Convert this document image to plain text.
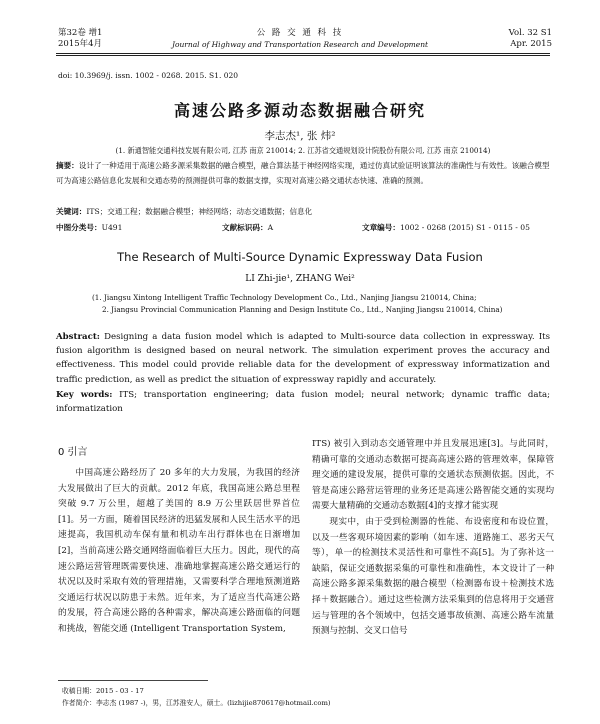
第32卷 增1
2015年4月
公 路 交 通 科 技
Journal of Highway and Transportation Research and Development
Vol. 32 S1
Apr. 2015
doi: 10.3969/j. issn. 1002 - 0268. 2015. S1. 020
高速公路多源动态数据融合研究
李志杰¹, 张 炜²
(1. 新通智能交通科技发展有限公司, 江苏 南京 210014; 2. 江苏省交通规划设计院股份有限公司, 江苏 南京 210014)
摘要：设计了一种适用于高速公路多源采集数据的融合模型，融合算法基于神经网络实现，通过仿真试验证明该算法的准确性与有效性。该融合模型可为高速公路信息化发展和交通态势的预测提供可靠的数据支撑，实现对高速公路交通状态快速、准确的预测。
关键词：ITS；交通工程；数据融合模型；神经网络；动态交通数据；信息化
中图分类号：U491	文献标识码：A	文章编号：1002 - 0268 (2015) S1 - 0115 - 05
The Research of Multi-Source Dynamic Expressway Data Fusion
LI Zhi-jie¹, ZHANG Wei²
(1. Jiangsu Xintong Intelligent Traffic Technology Development Co., Ltd., Nanjing Jiangsu 210014, China;
2. Jiangsu Provincial Communication Planning and Design Institute Co., Ltd., Nanjing Jiangsu 210014, China)
Abstract: Designing a data fusion model which is adapted to Multi-source data collection in expressway. Its fusion algorithm is designed based on neural network. The simulation experiment proves the accuracy and effectiveness. This model could provide reliable data for the development of expressway informatization and traffic prediction, as well as predict the situation of expressway rapidly and accurately.
Key words: ITS; transportation engineering; data fusion model; neural network; dynamic traffic data; informatization
0 引言
中国高速公路经历了 20 多年的大力发展，为我国的经济大发展做出了巨大的贡献。2012 年底，我国高速公路总里程突破 9.7 万公里，超越了美国的 8.9 万公里跃居世界首位[1]。另一方面，随着国民经济的迅猛发展和人民生活水平的迅速提高，我国机动车保有量和机动车出行群体也在日渐增加[2]，当前高速公路交通网络面临着巨大压力。因此，现代的高速公路运营管理既需要快速、准确地掌握高速公路交通运行的状况以及时采取有效的管理措施，又需要科学合理地预测道路交通运行状况以防患于未然。近年来，为了适应当代高速公路的发展，符合高速公路的各种需求，解决高速公路面临的问题和挑战，智能交通 (Intelligent Transportation System,
ITS) 被引入到动态交通管理中并且发展迅速[3]。与此同时，精确可靠的交通动态数据可提高高速公路的管理效率，保障管理交通的建设发展，提供可靠的交通状态预测依据。因此，不管是高速公路营运管理的业务还是高速公路智能交通的实现均需要大量精确的交通动态数据[4]的支撑才能实现
现实中，由于受到检测器的性能、布设密度和布设位置，以及一些客观环境因素的影响（如车速、道路施工、恶劣天气等），单一的检测技术灵活性和可靠性不高[5]。为了弥补这一缺陷，保证交通数据采集的可靠性和准确性，本文设计了一种高速公路多源采集数据的融合模型（检测器布设＋检测技术选择＋数据融合）。通过这些检测方法采集到的信息将用于交通营运与管理的各个领域中，包括交通事故侦测、高速公路车流量预测与控制、交叉口信号
收稿日期：2015 - 03 - 17
作者简介：李志杰 (1987 -)，男，江苏淮安人，硕士。(lizhijie870617@hotmail.com)
